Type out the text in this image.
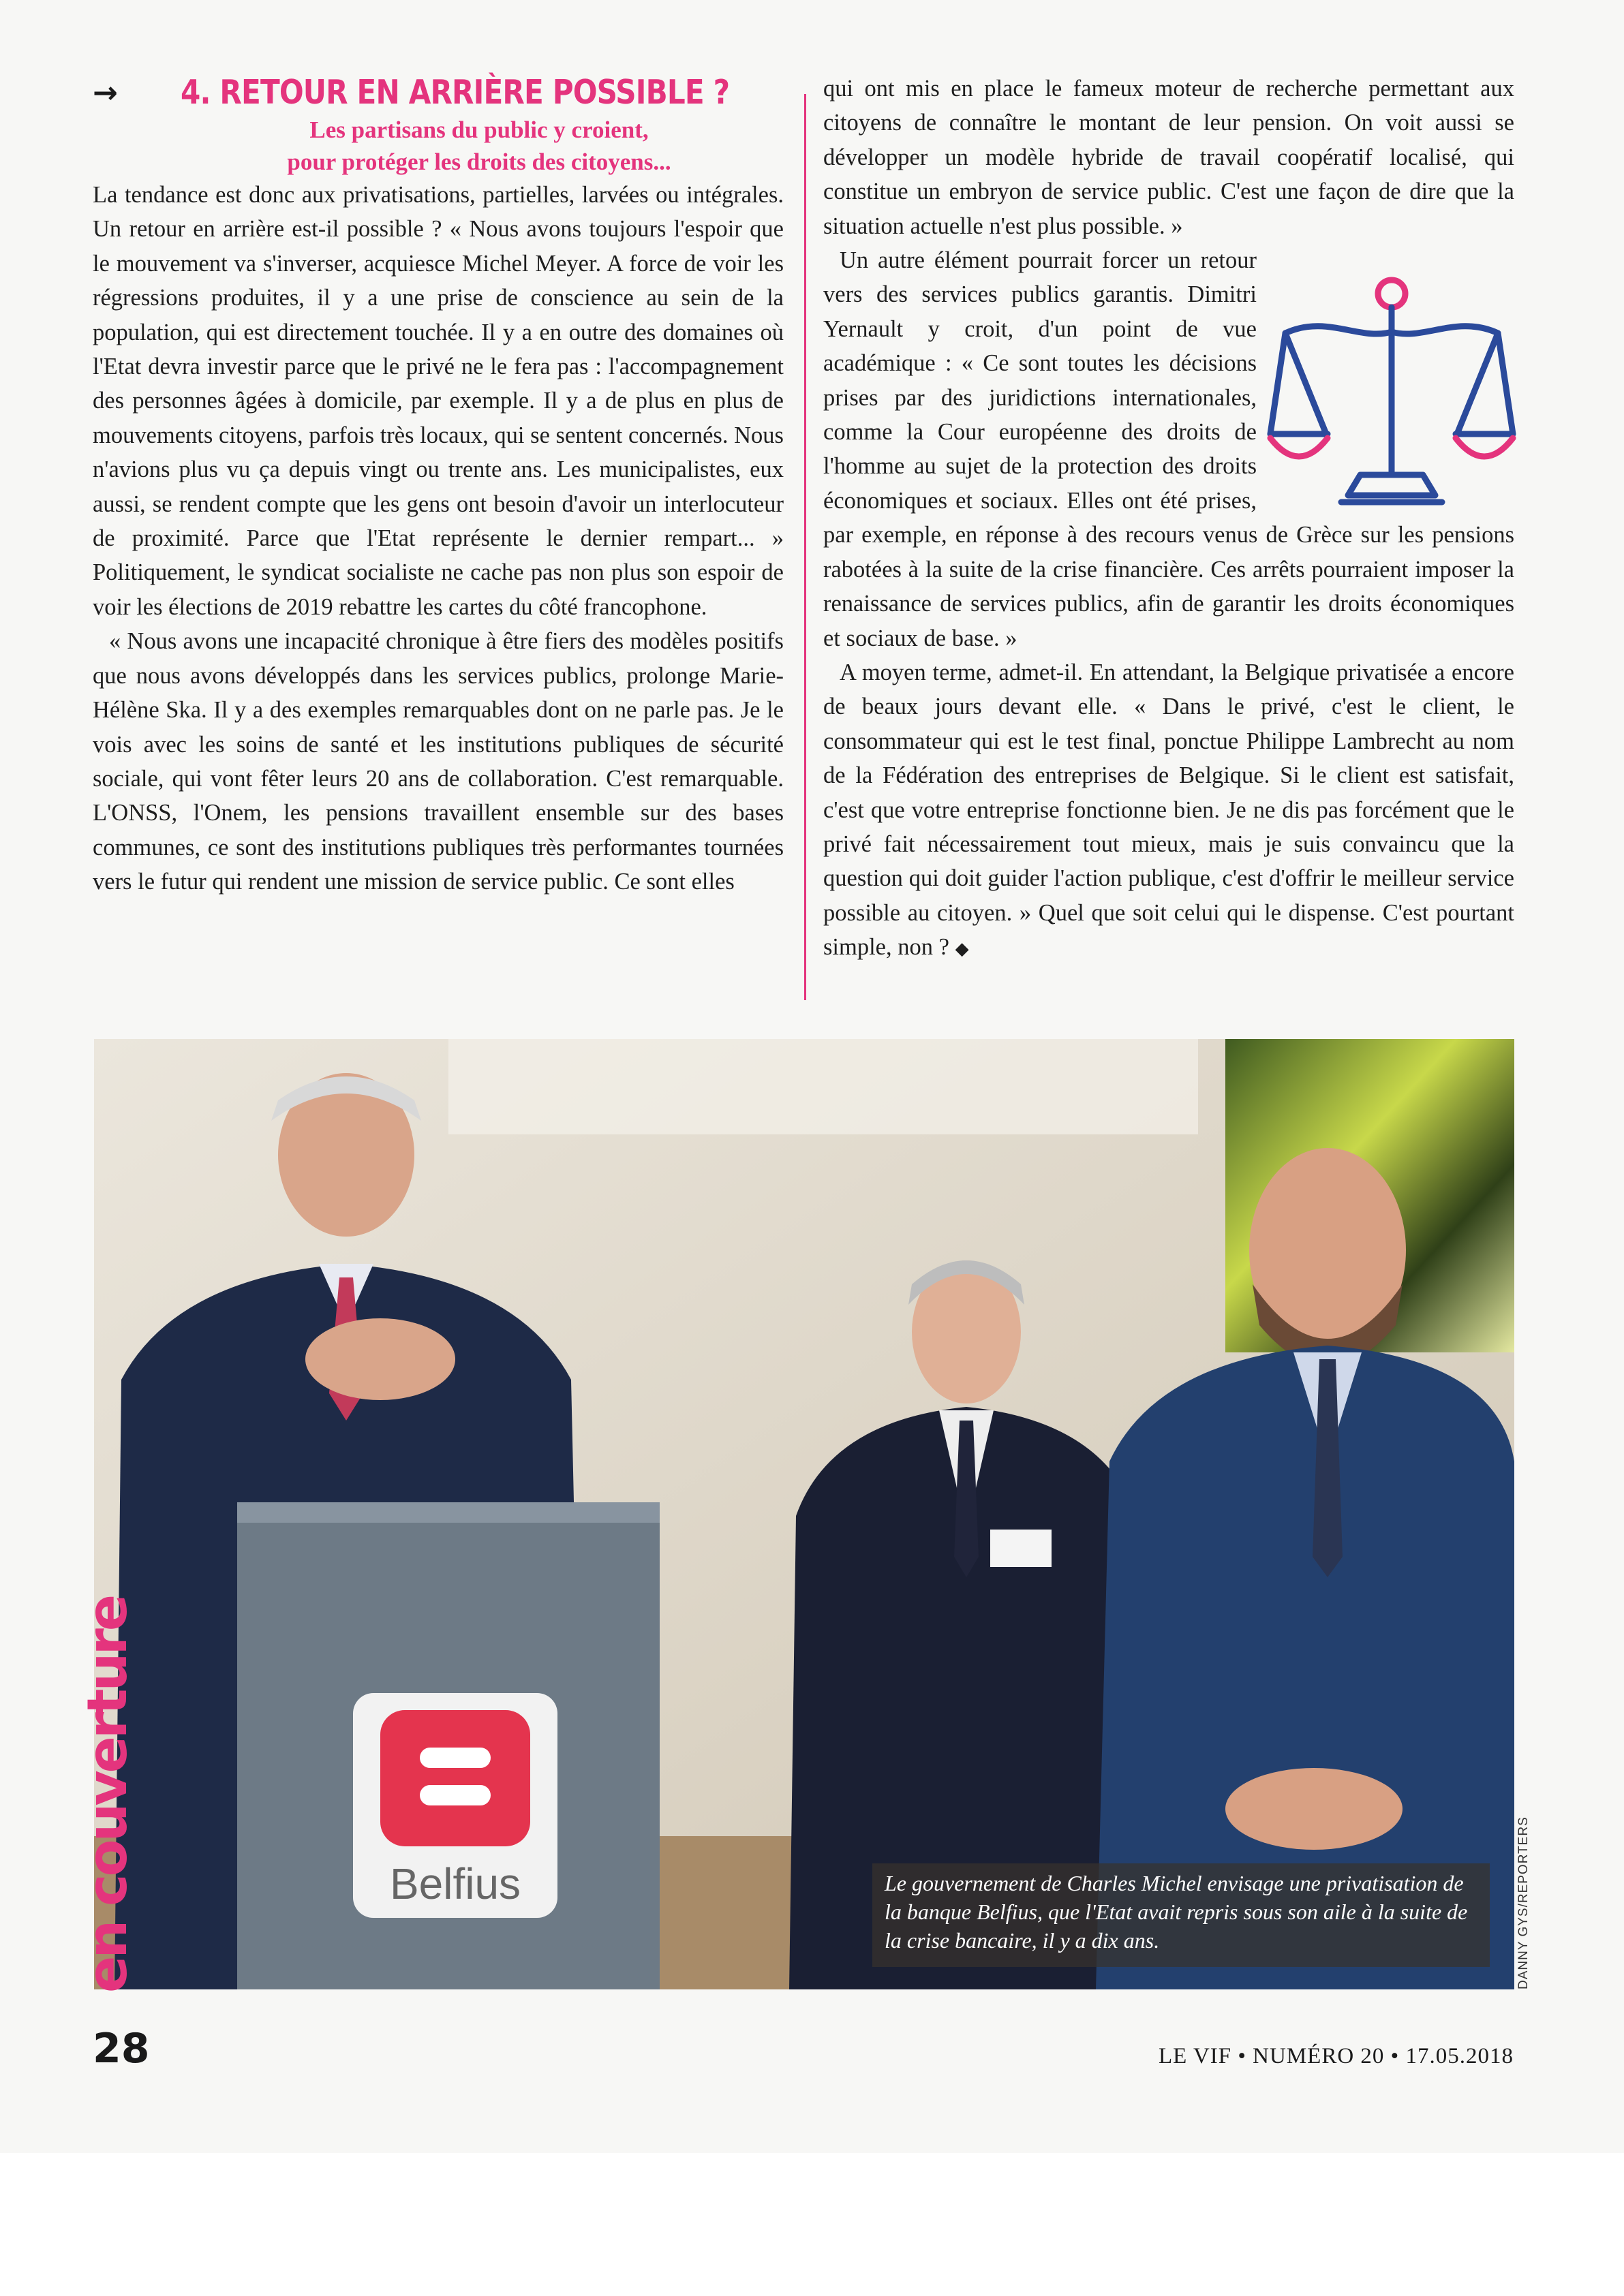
→	4. RETOUR EN ARRIÈRE POSSIBLE ?

Les partisans du public y croient,

pour protéger les droits des citoyens...

La tendance est donc aux privatisations, partielles, larvées ou intégrales. Un retour en arrière est-il possible ? « Nous avons toujours l'espoir que le mouvement va s'inverser, acquiesce Michel Meyer. A force de voir les régressions produites, il y a une prise de conscience au sein de la population, qui est directement touchée. Il y a en outre des domaines où l'Etat devra investir parce que le privé ne le fera pas : l'accompagnement des personnes âgées à domicile, par exemple. Il y a de plus en plus de mouvements citoyens, parfois très locaux, qui se sentent concernés. Nous n'avions plus vu ça depuis vingt ou trente ans. Les municipalistes, eux aussi, se rendent compte que les gens ont besoin d'avoir un interlocuteur de proximité. Parce que l'Etat représente le dernier rempart... » Politiquement, le syndicat socialiste ne cache pas non plus son espoir de voir les élections de 2019 rebattre les cartes du côté francophone.

« Nous avons une incapacité chronique à être fiers des modèles positifs que nous avons développés dans les services publics, prolonge Marie-Hélène Ska. Il y a des exemples remarquables dont on ne parle pas. Je le vois avec les soins de santé et les institutions publiques de sécurité sociale, qui vont fêter leurs 20 ans de collaboration. C'est remarquable. L'ONSS, l'Onem, les pensions travaillent ensemble sur des bases communes, ce sont des institutions publiques très performantes tournées vers le futur qui rendent une mission de service public. Ce sont elles

qui ont mis en place le fameux moteur de recherche permettant aux citoyens de connaître le montant de leur pension. On voit aussi se développer un modèle hybride de travail coopératif localisé, qui constitue un embryon de service public. C'est une façon de dire que la situation actuelle n'est plus possible. »

Un autre élément pourrait forcer un retour vers des services publics garantis. Dimitri Yernault y croit, d'un point de vue académique : « Ce sont toutes les décisions prises par des juridictions internationales, comme la Cour européenne des droits de l'homme au sujet de la protection des droits économiques et sociaux. Elles ont été prises, par exemple, en réponse à des recours venus de Grèce sur les pensions rabotées à la suite de la crise financière. Ces arrêts pourraient imposer la renaissance de services publics, afin de garantir les droits économiques et sociaux de base. »

A moyen terme, admet-il. En attendant, la Belgique privatisée a encore de beaux jours devant elle. « Dans le privé, c'est le client, le consommateur qui est le test final, ponctue Philippe Lambrecht au nom de la Fédération des entreprises de Belgique. Si le client est satisfait, c'est que votre entreprise fonctionne bien. Je ne dis pas forcément que le privé fait nécessairement tout mieux, mais je suis convaincu que la question qui doit guider l'action publique, c'est d'offrir le meilleur service possible au citoyen. » Quel que soit celui qui le dispense. C'est pourtant simple, non ? ◆

Belfius	Le gouvernement de Charles Michel envisage une privatisation de la banque Belfius, que l'Etat avait repris sous son aile à la suite de la crise bancaire, il y a dix ans.	DANNY GYS/REPORTERS
en couverture
28	LE VIF • NUMÉRO 20 • 17.05.2018
